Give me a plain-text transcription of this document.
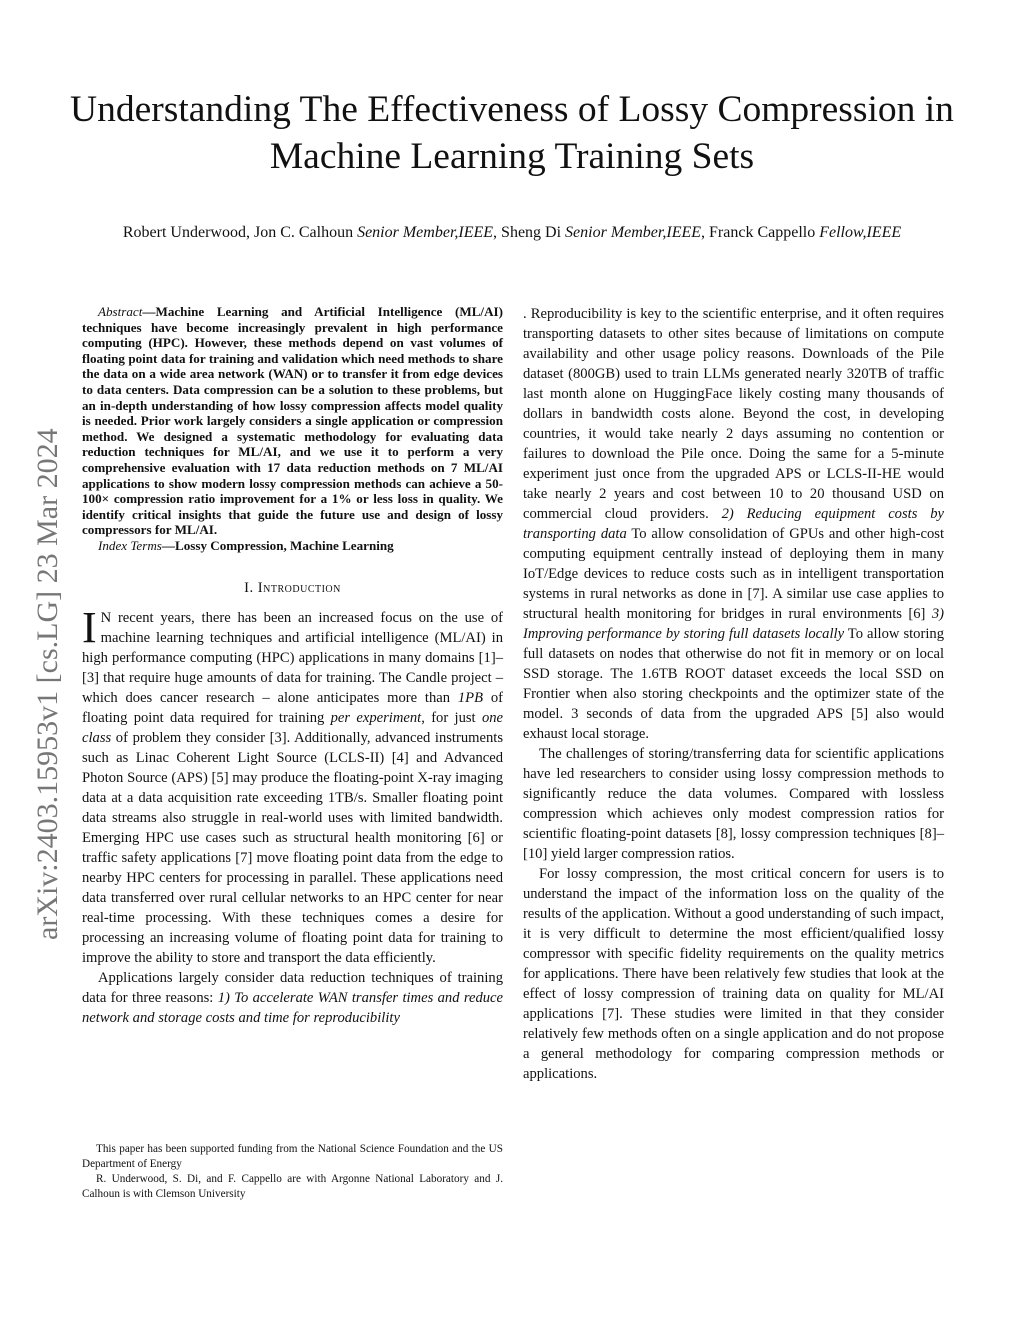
Understanding The Effectiveness of Lossy Compression in Machine Learning Training Sets
Robert Underwood, Jon C. Calhoun Senior Member,IEEE, Sheng Di Senior Member,IEEE, Franck Cappello Fellow,IEEE
arXiv:2403.15953v1 [cs.LG] 23 Mar 2024

Abstract—Machine Learning and Artificial Intelligence (ML/AI) techniques have become increasingly prevalent in high performance computing (HPC). However, these methods depend on vast volumes of floating point data for training and validation which need methods to share the data on a wide area network (WAN) or to transfer it from edge devices to data centers. Data compression can be a solution to these problems, but an in-depth understanding of how lossy compression affects model quality is needed. Prior work largely considers a single application or compression method. We designed a systematic methodology for evaluating data reduction techniques for ML/AI, and we use it to perform a very comprehensive evaluation with 17 data reduction methods on 7 ML/AI applications to show modern lossy compression methods can achieve a 50-100× compression ratio improvement for a 1% or less loss in quality. We identify critical insights that guide the future use and design of lossy compressors for ML/AI.

Index Terms—Lossy Compression, Machine Learning

I. Introduction

I N recent years, there has been an increased focus on the use of machine learning techniques and artificial intelligence (ML/AI) in high performance computing (HPC) applications in many domains [1]–[3] that require huge amounts of data for training. The Candle project – which does cancer research – alone anticipates more than 1PB of floating point data required for training per experiment, for just one class of problem they consider [3]. Additionally, advanced instruments such as Linac Coherent Light Source (LCLS-II) [4] and Advanced Photon Source (APS) [5] may produce the floating-point X-ray imaging data at a data acquisition rate exceeding 1TB/s. Smaller floating point data streams also struggle in real-world uses with limited bandwidth. Emerging HPC use cases such as structural health monitoring [6] or traffic safety applications [7] move floating point data from the edge to nearby HPC centers for processing in parallel. These applications need data transferred over rural cellular networks to an HPC center for near real-time processing. With these techniques comes a desire for processing an increasing volume of floating point data for training to improve the ability to store and transport the data efficiently.

Applications largely consider data reduction techniques of training data for three reasons: 1) To accelerate WAN transfer times and reduce network and storage costs and time for reproducibility

. Reproducibility is key to the scientific enterprise, and it often requires transporting datasets to other sites because of limitations on compute availability and other usage policy reasons. Downloads of the Pile dataset (800GB) used to train LLMs generated nearly 320TB of traffic last month alone on HuggingFace likely costing many thousands of dollars in bandwidth costs alone. Beyond the cost, in developing countries, it would take nearly 2 days assuming no contention or failures to download the Pile once. Doing the same for a 5-minute experiment just once from the upgraded APS or LCLS-II-HE would take nearly 2 years and cost between 10 to 20 thousand USD on commercial cloud providers. 2) Reducing equipment costs by transporting data To allow consolidation of GPUs and other high-cost computing equipment centrally instead of deploying them in many IoT/Edge devices to reduce costs such as in intelligent transportation systems in rural networks as done in [7]. A similar use case applies to structural health monitoring for bridges in rural environments [6] 3) Improving performance by storing full datasets locally To allow storing full datasets on nodes that otherwise do not fit in memory or on local SSD storage. The 1.6TB ROOT dataset exceeds the local SSD on Frontier when also storing checkpoints and the optimizer state of the model. 3 seconds of data from the upgraded APS [5] also would exhaust local storage.

The challenges of storing/transferring data for scientific applications have led researchers to consider using lossy compression methods to significantly reduce the data volumes. Compared with lossless compression which achieves only modest compression ratios for scientific floating-point datasets [8], lossy compression techniques [8]–[10] yield larger compression ratios.

For lossy compression, the most critical concern for users is to understand the impact of the information loss on the quality of the results of the application. Without a good understanding of such impact, it is very difficult to determine the most efficient/qualified lossy compressor with specific fidelity requirements on the quality metrics for applications. There have been relatively few studies that look at the effect of lossy compression of training data on quality for ML/AI applications [7]. These studies were limited in that they consider relatively few methods often on a single application and do not propose a general methodology for comparing compression methods or applications.

This paper has been supported funding from the National Science Foundation and the US Department of Energy

R. Underwood, S. Di, and F. Cappello are with Argonne National Laboratory and J. Calhoun is with Clemson University
